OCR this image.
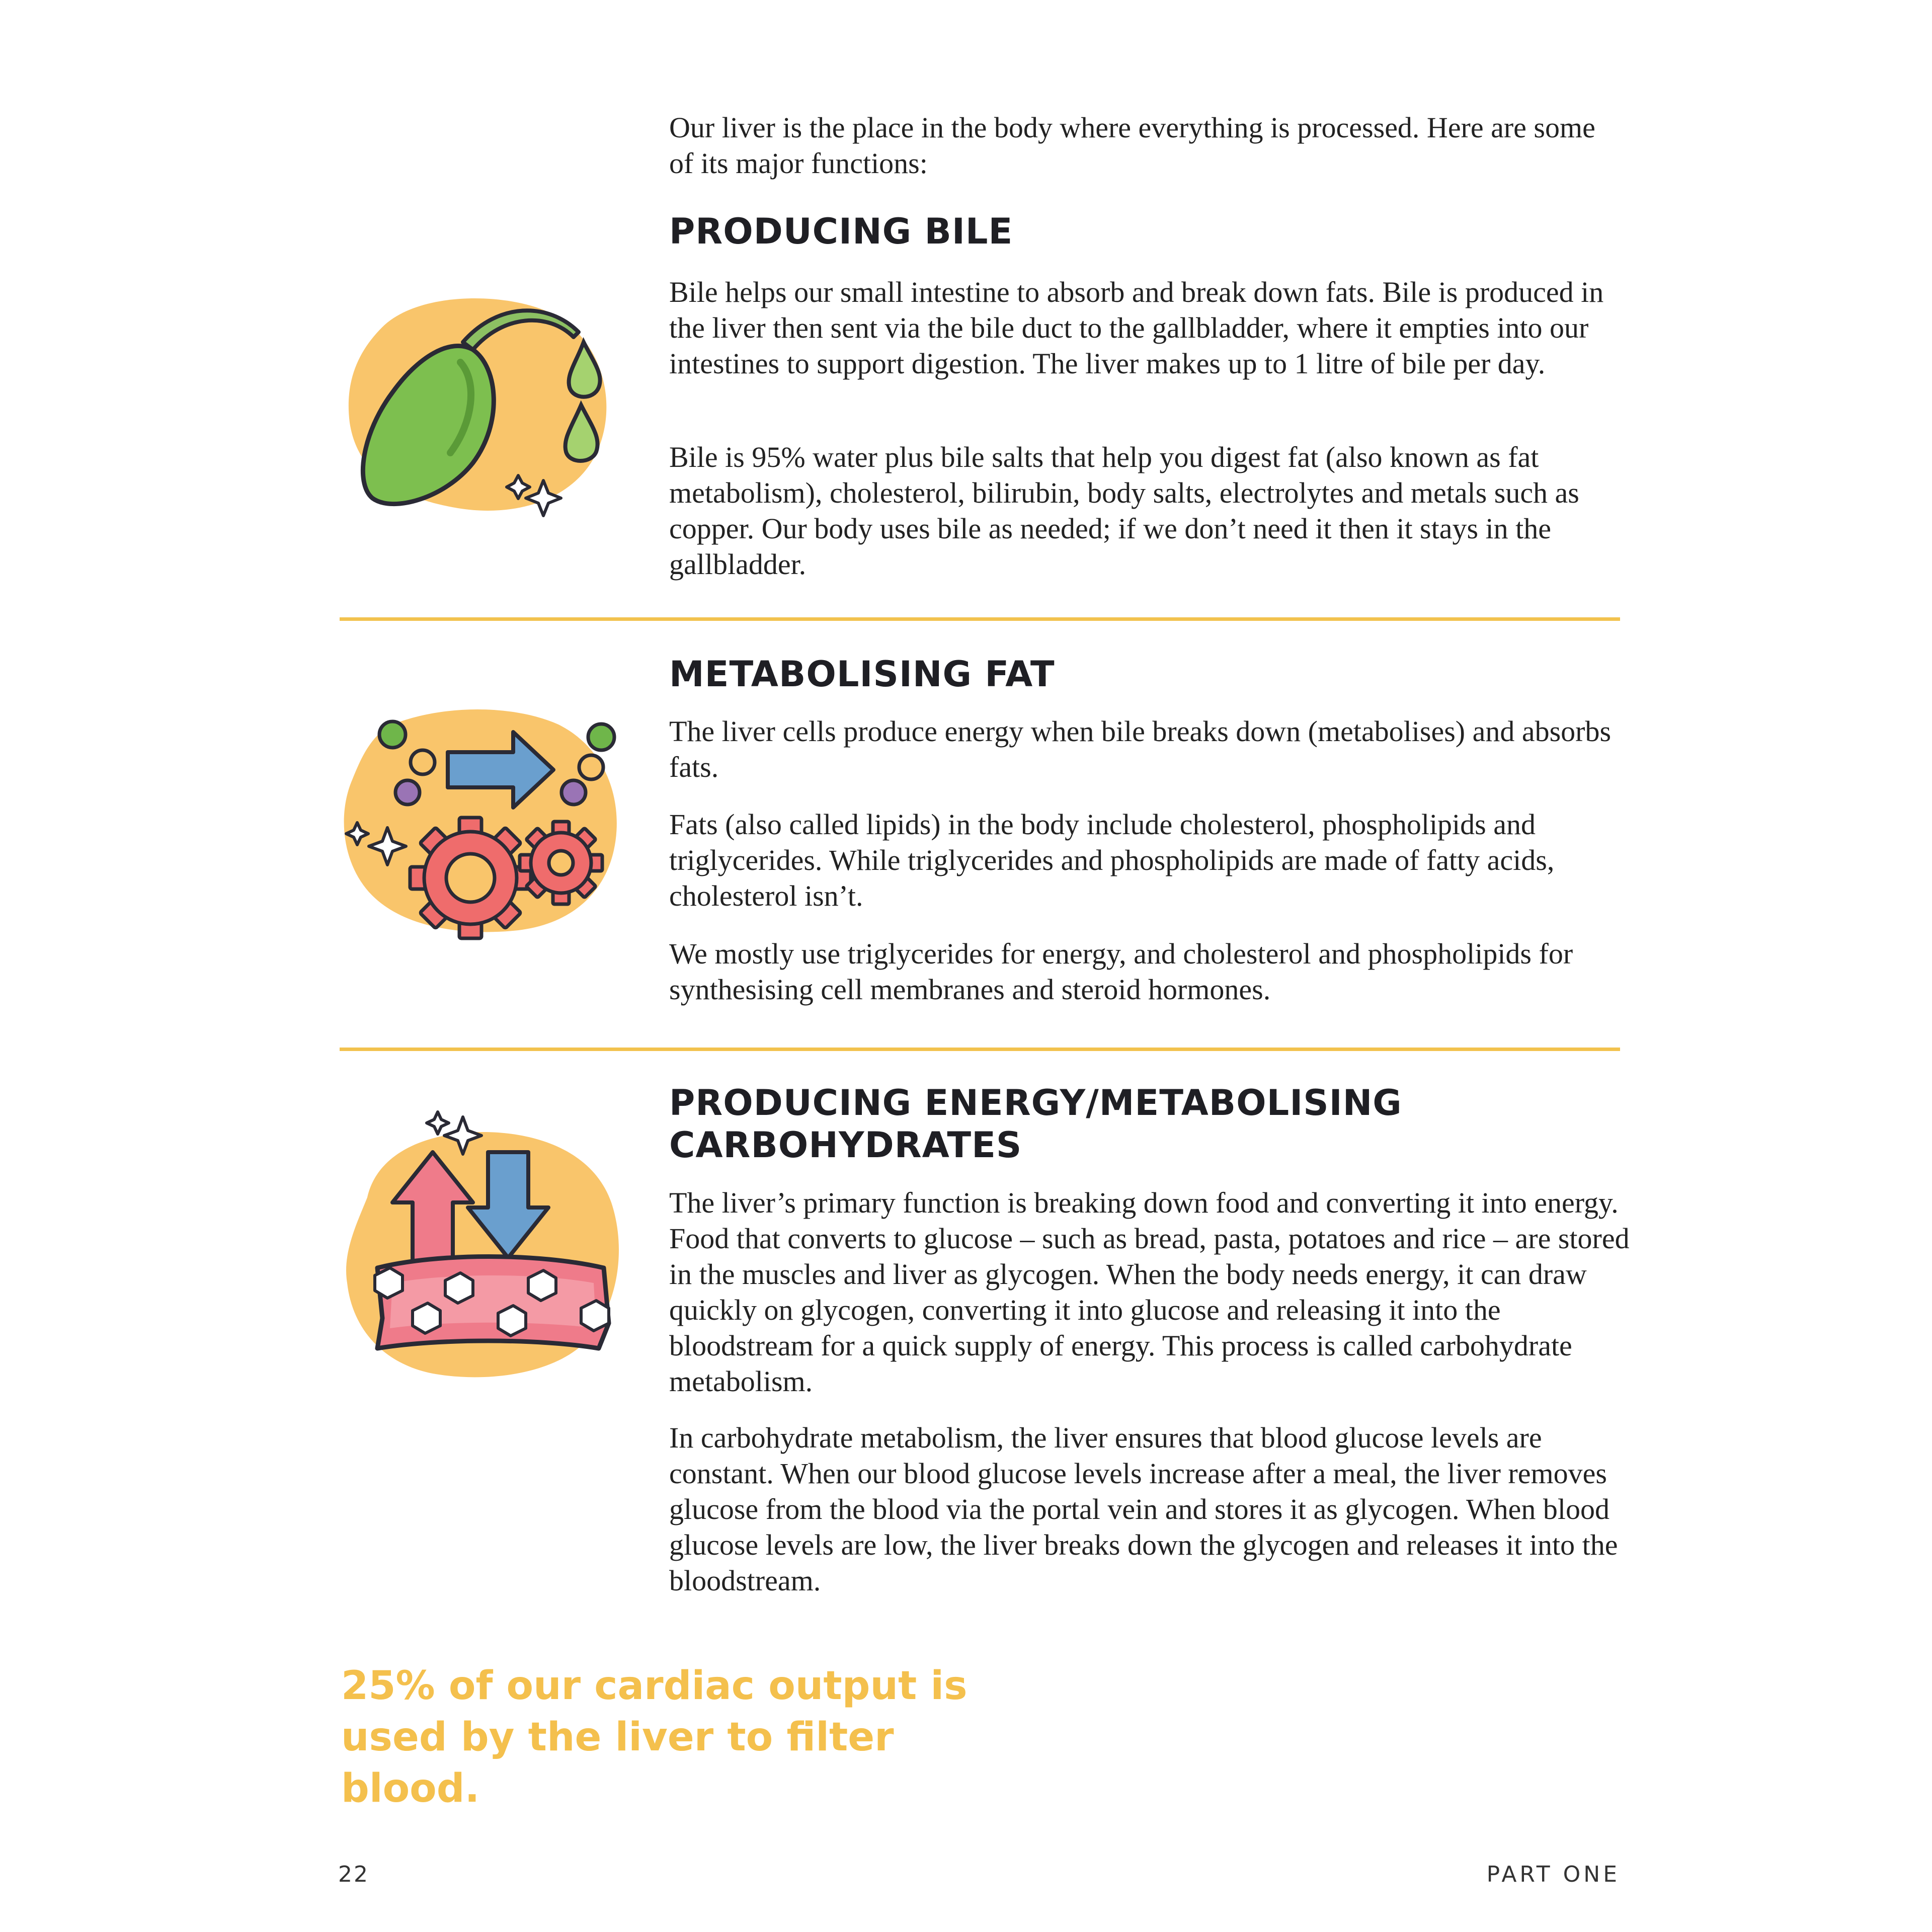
Our liver is the place in the body where everything is processed. Here are some of its major functions:

PRODUCING BILE

Bile helps our small intestine to absorb and break down fats. Bile is produced in the liver then sent via the bile duct to the gallbladder, where it empties into our intestines to support digestion. The liver makes up to 1 litre of bile per day.

Bile is 95% water plus bile salts that help you digest fat (also known as fat metabolism), cholesterol, bilirubin, body salts, electrolytes and metals such as copper. Our body uses bile as needed; if we don’t need it then it stays in the gallbladder.

METABOLISING FAT

The liver cells produce energy when bile breaks down (metabolises) and absorbs fats.

Fats (also called lipids) in the body include cholesterol, phospholipids and triglycerides. While triglycerides and phospholipids are made of fatty acids, cholesterol isn’t.

We mostly use triglycerides for energy, and cholesterol and phospholipids for synthesising cell membranes and steroid hormones.

PRODUCING ENERGY/METABOLISING
CARBOHYDRATES

The liver’s primary function is breaking down food and converting it into energy. Food that converts to glucose – such as bread, pasta, potatoes and rice – are stored in the muscles and liver as glycogen. When the body needs energy, it can draw quickly on glycogen, converting it into glucose and releasing it into the bloodstream for a quick supply of energy. This process is called carbohydrate metabolism.

In carbohydrate metabolism, the liver ensures that blood glucose levels are constant. When our blood glucose levels increase after a meal, the liver removes glucose from the blood via the portal vein and stores it as glycogen. When blood glucose levels are low, the liver breaks down the glycogen and releases it into the bloodstream.

25% of our cardiac output is used by the liver to filter blood.

22	PART ONE
